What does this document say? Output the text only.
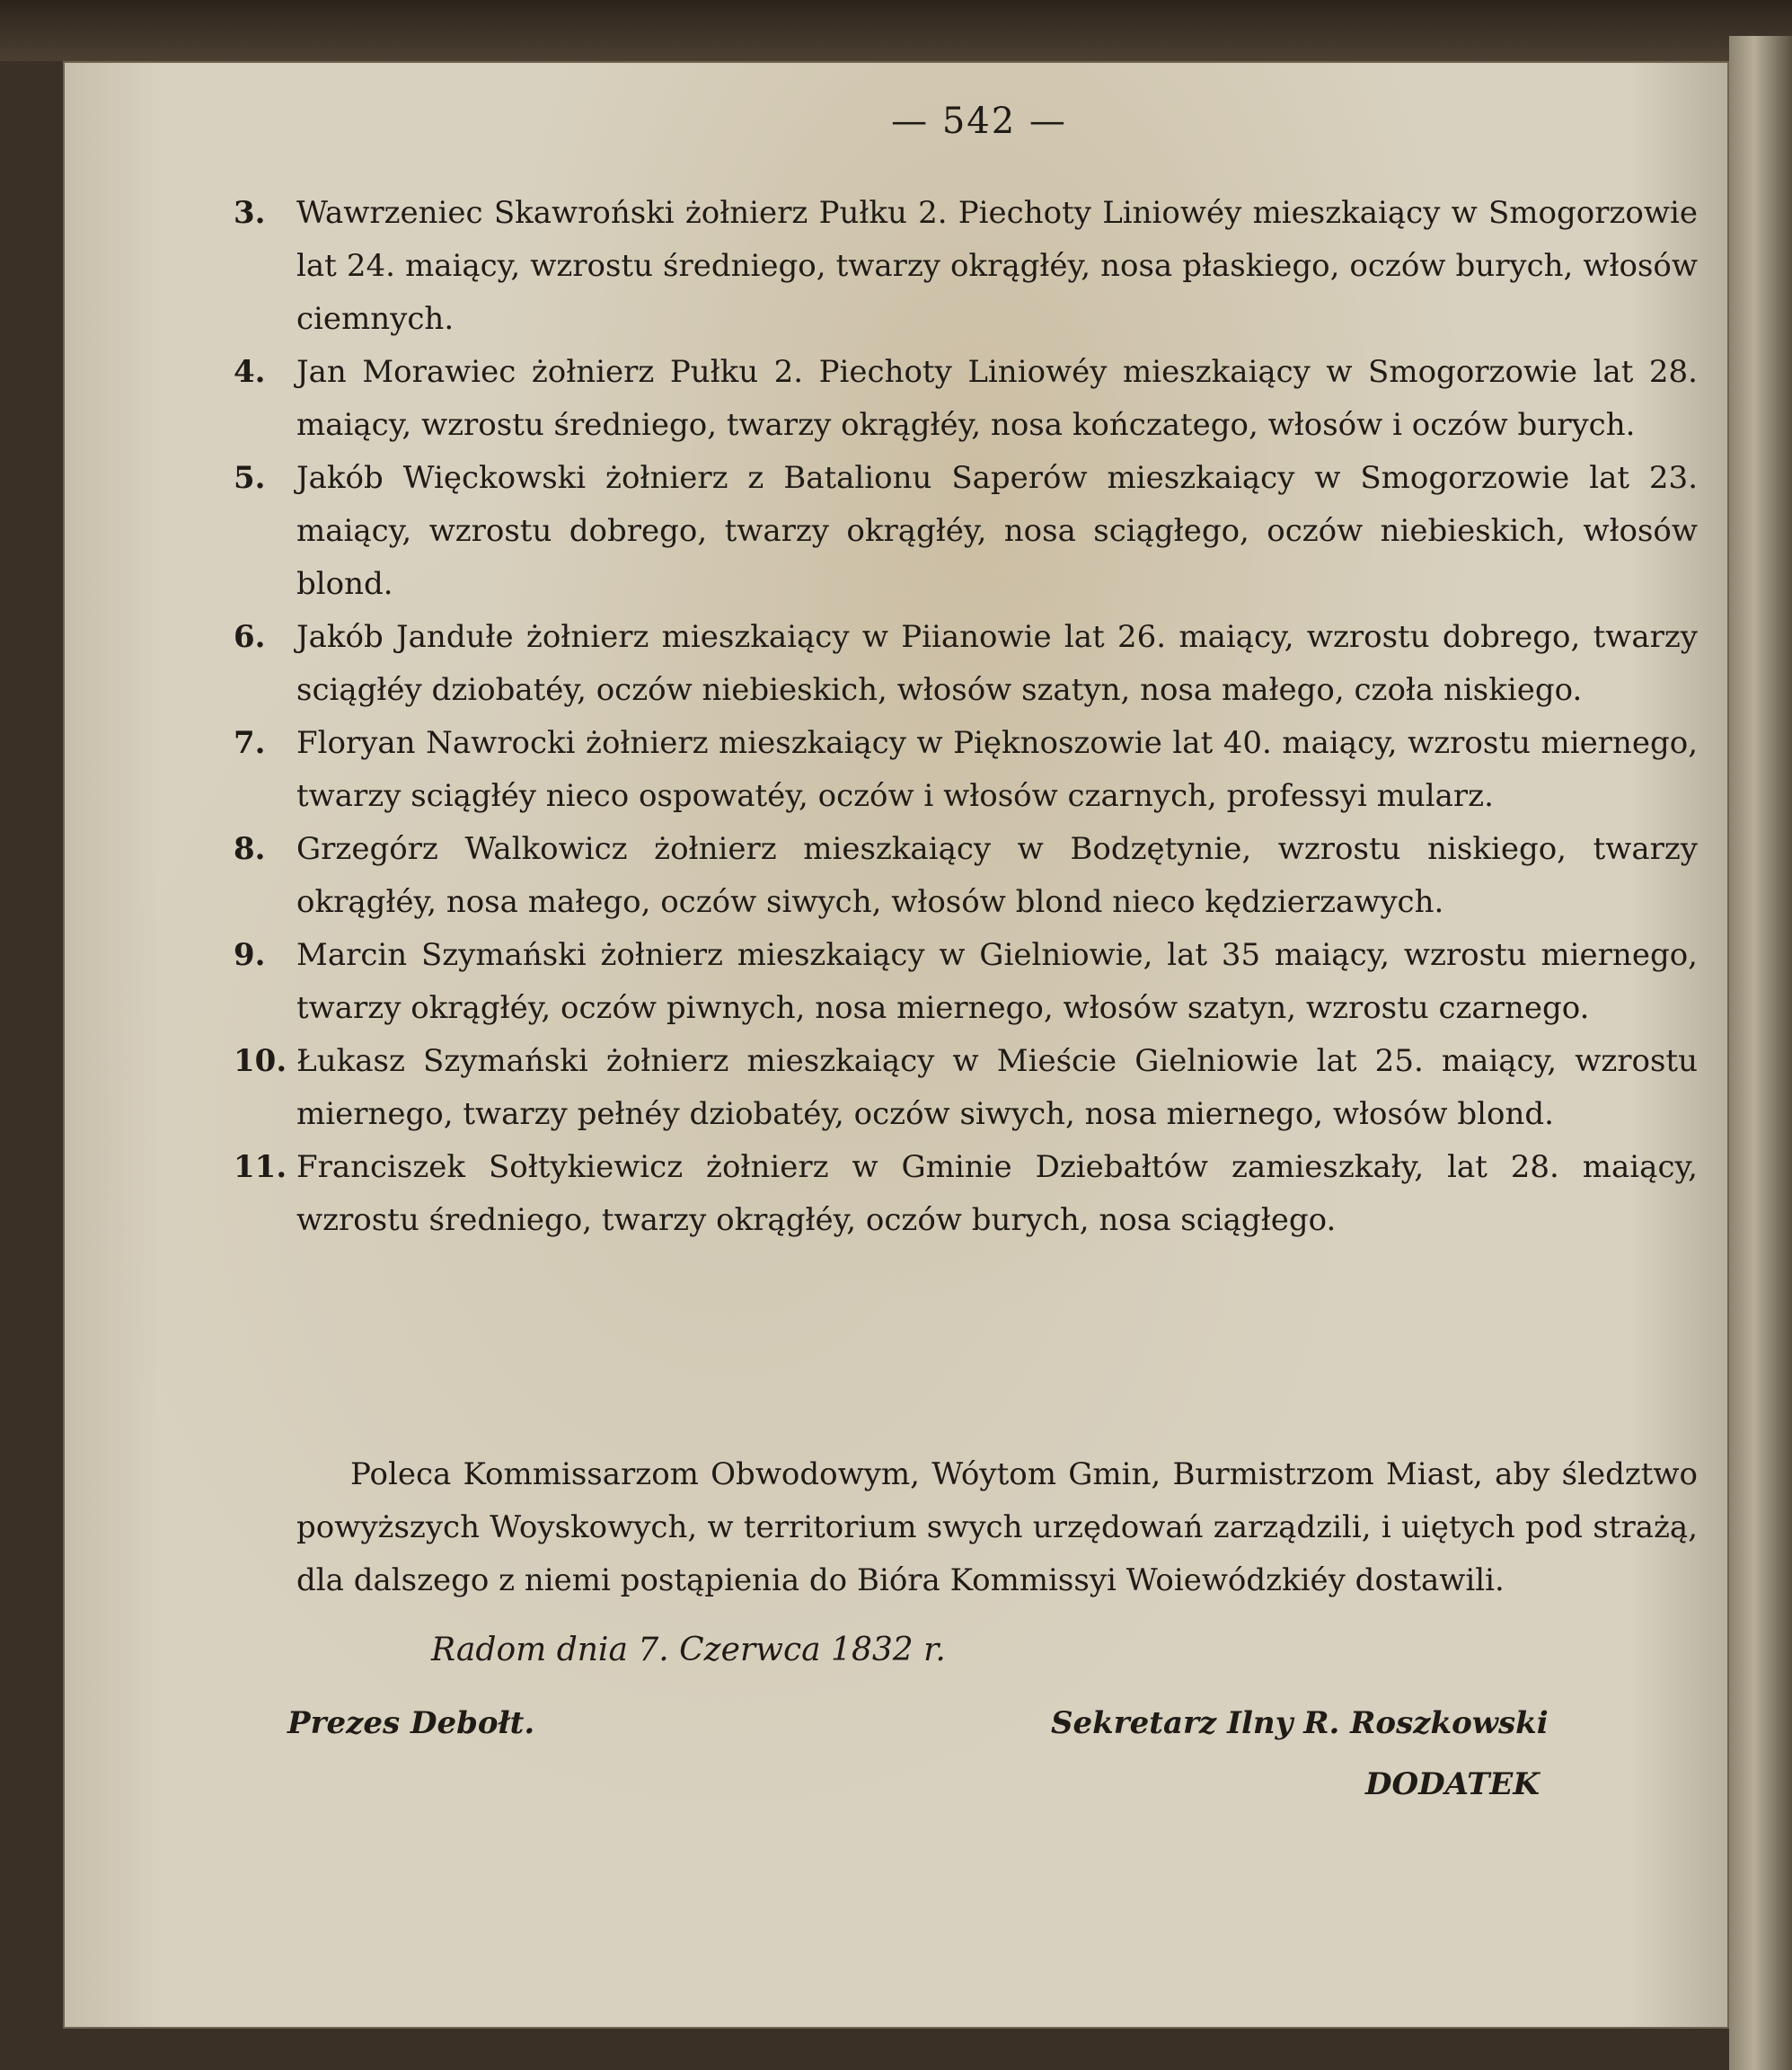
— 542 —

3. Wawrzeniec Skawroński żołnierz Pułku 2. Piechoty Liniowéy mieszkaiący w Smogorzowie lat 24. maiący, wzrostu średniego, twarzy okrągłéy, nosa płaskiego, oczów burych, włosów ciemnych.

4. Jan Morawiec żołnierz Pułku 2. Piechoty Liniowéy mieszkaiący w Smogorzowie lat 28. maiący, wzrostu średniego, twarzy okrągłéy, nosa kończatego, włosów i oczów burych.

5. Jakób Więckowski żołnierz z Batalionu Saperów mieszkaiący w Smogorzowie lat 23. maiący, wzrostu dobrego, twarzy okrągłéy, nosa sciągłego, oczów niebieskich, włosów blond.

6. Jakób Jandułe żołnierz mieszkaiący w Piianowie lat 26. maiący, wzrostu dobrego, twarzy sciągłéy dziobatéy, oczów niebieskich, włosów szatyn, nosa małego, czoła niskiego.

7. Floryan Nawrocki żołnierz mieszkaiący w Pięknoszowie lat 40. maiący, wzrostu miernego, twarzy sciągłéy nieco ospowatéy, oczów i włosów czarnych, professyi mularz.

8. Grzegórz Walkowicz żołnierz mieszkaiący w Bodzętynie, wzrostu niskiego, twarzy okrągłéy, nosa małego, oczów siwych, włosów blond nieco kędzierzawych.

9. Marcin Szymański żołnierz mieszkaiący w Gielniowie, lat 35 maiący, wzrostu miernego, twarzy okrągłéy, oczów piwnych, nosa miernego, włosów szatyn, wzrostu czarnego.

10. Łukasz Szymański żołnierz mieszkaiący w Mieście Gielniowie lat 25. maiący, wzrostu miernego, twarzy pełnéy dziobatéy, oczów siwych, nosa miernego, włosów blond.

11. Franciszek Sołtykiewicz żołnierz w Gminie Dziebałtów zamieszkały, lat 28. maiący, wzrostu średniego, twarzy okrągłéy, oczów burych, nosa sciągłego.

Poleca Kommissarzom Obwodowym, Wóytom Gmin, Burmistrzom Miast, aby śledztwo powyższych Woyskowych, w territorium swych urzędowań zarządzili, i uiętych pod strażą, dla dalszego z niemi postąpienia do Bióra Kommissyi Woiewódzkiéy dostawili.

Radom dnia 7. Czerwca 1832 r.
Prezes Debołt.	Sekretarz Ilny R. Roszkowski
DODATEK
